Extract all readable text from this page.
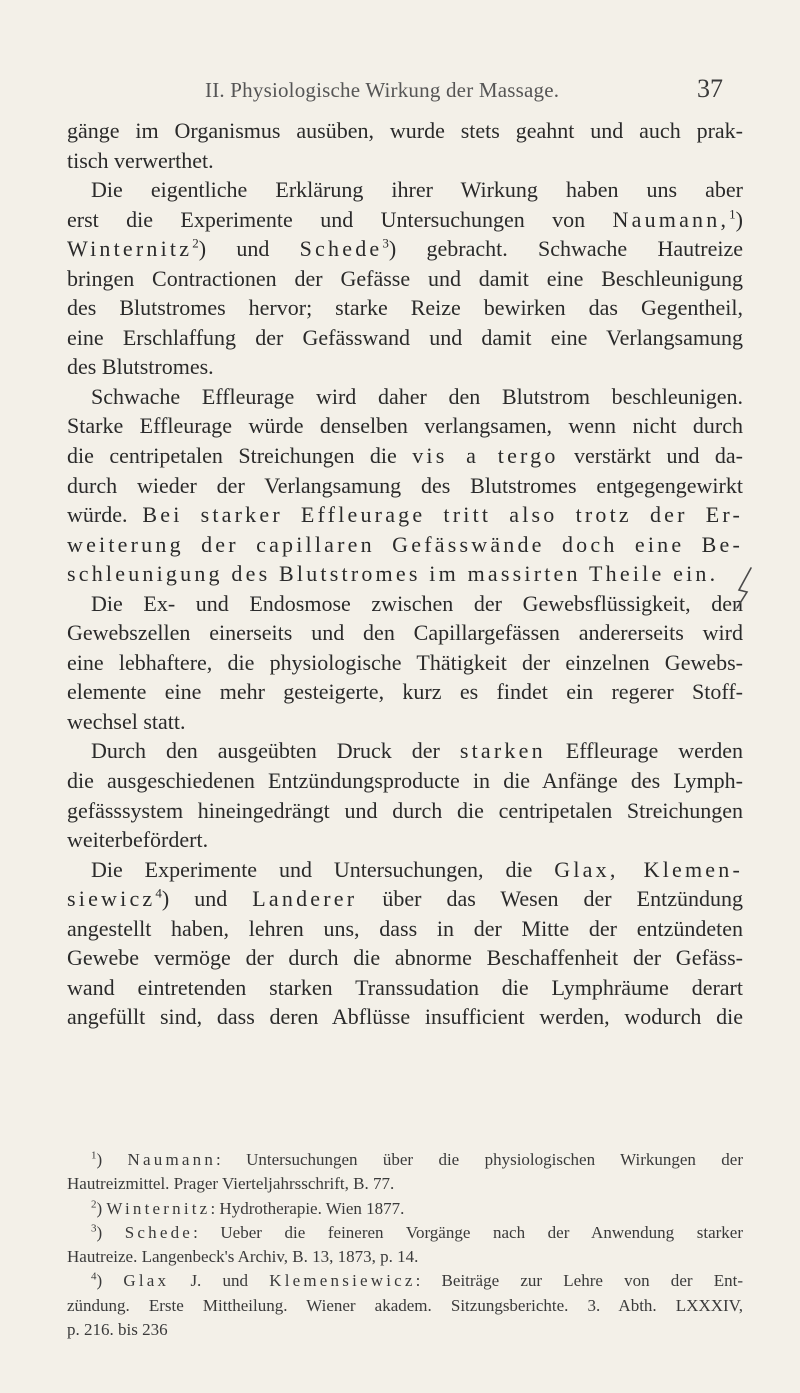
II. Physiologische Wirkung der Massage.	37
gänge im Organismus ausüben, wurde stets geahnt und auch prak-
tisch verwerthet.
Die eigentliche Erklärung ihrer Wirkung haben uns aber
erst die Experimente und Untersuchungen von Naumann,$^1$)
Winternitz$^2$) und Schede$^3$) gebracht. Schwache Hautreize
bringen Contractionen der Gefässe und damit eine Beschleunigung
des Blutstromes hervor; starke Reize bewirken das Gegentheil,
eine Erschlaffung der Gefässwand und damit eine Verlangsamung
des Blutstromes.
Schwache Effleurage wird daher den Blutstrom beschleunigen.
Starke Effleurage würde denselben verlangsamen, wenn nicht durch
die centripetalen Streichungen die vis a tergo verstärkt und da-
durch wieder der Verlangsamung des Blutstromes entgegengewirkt
würde. Bei starker Effleurage tritt also trotz der Er-
weiterung der capillaren Gefässwände doch eine Be-
schleunigung des Blutstromes im massirten Theile ein.
Die Ex- und Endosmose zwischen der Gewebsflüssigkeit, den
Gewebszellen einerseits und den Capillargefässen andererseits wird
eine lebhaftere, die physiologische Thätigkeit der einzelnen Gewebs-
elemente eine mehr gesteigerte, kurz es findet ein regerer Stoff-
wechsel statt.
Durch den ausgeübten Druck der starken Effleurage werden
die ausgeschiedenen Entzündungsproducte in die Anfänge des Lymph-
gefässsystem hineingedrängt und durch die centripetalen Streichungen
weiterbefördert.
Die Experimente und Untersuchungen, die Glax, Klemen-
siewicz$^4$) und Landerer über das Wesen der Entzündung
angestellt haben, lehren uns, dass in der Mitte der entzündeten
Gewebe vermöge der durch die abnorme Beschaffenheit der Gefäss-
wand eintretenden starken Transsudation die Lymphräume derart
angefüllt sind, dass deren Abflüsse insufficient werden, wodurch die
$^1$) Naumann: Untersuchungen über die physiologischen Wirkungen der
Hautreizmittel. Prager Vierteljahrsschrift, B. 77.
$^2$) Winternitz: Hydrotherapie. Wien 1877.
$^3$) Schede: Ueber die feineren Vorgänge nach der Anwendung starker
Hautreize. Langenbeck's Archiv, B. 13, 1873, p. 14.
$^4$) Glax J. und Klemensiewicz: Beiträge zur Lehre von der Ent-
zündung. Erste Mittheilung. Wiener akadem. Sitzungsberichte. 3. Abth. LXXXIV,
p. 216. bis 236
